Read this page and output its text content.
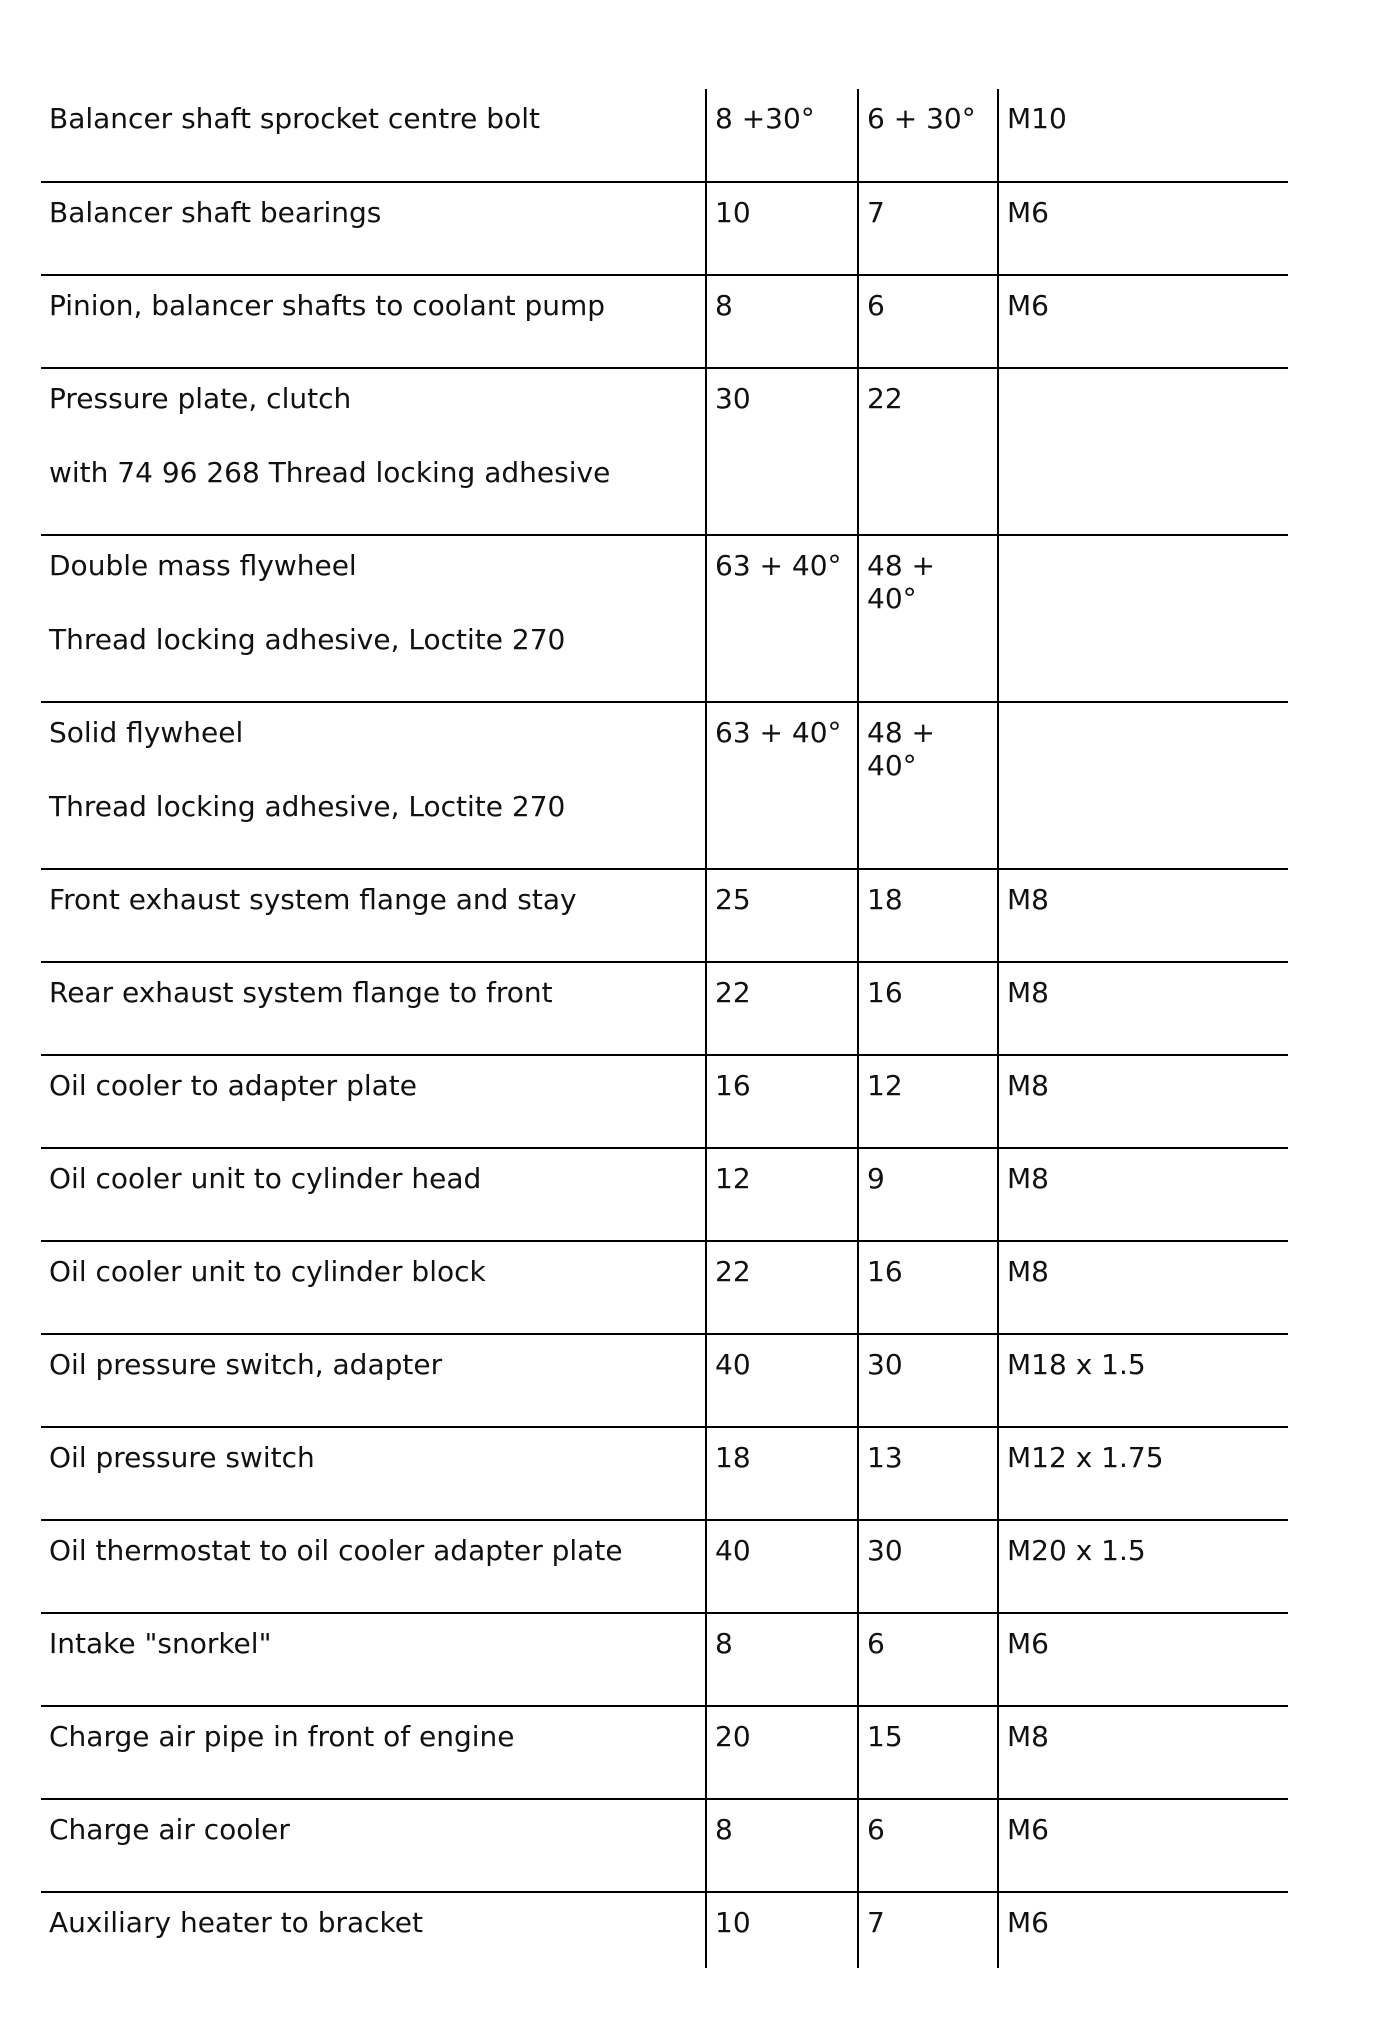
Balancer shaft sprocket centre bolt	8 +30°	6 + 30°	M10

Balancer shaft bearings	10	7	M6

Pinion, balancer shafts to coolant pump	8	6	M6

Pressure plate, clutch
with 74 96 268 Thread locking adhesive	30	22	

Double mass flywheel
Thread locking adhesive, Loctite 270	63 + 40°	48 + 40°	

Solid flywheel
Thread locking adhesive, Loctite 270	63 + 40°	48 + 40°	

Front exhaust system flange and stay	25	18	M8

Rear exhaust system flange to front	22	16	M8

Oil cooler to adapter plate	16	12	M8

Oil cooler unit to cylinder head	12	9	M8

Oil cooler unit to cylinder block	22	16	M8

Oil pressure switch, adapter	40	30	M18 x 1.5

Oil pressure switch	18	13	M12 x 1.75

Oil thermostat to oil cooler adapter plate	40	30	M20 x 1.5

Intake "snorkel"	8	6	M6

Charge air pipe in front of engine	20	15	M8

Charge air cooler	8	6	M6

Auxiliary heater to bracket	10	7	M6
